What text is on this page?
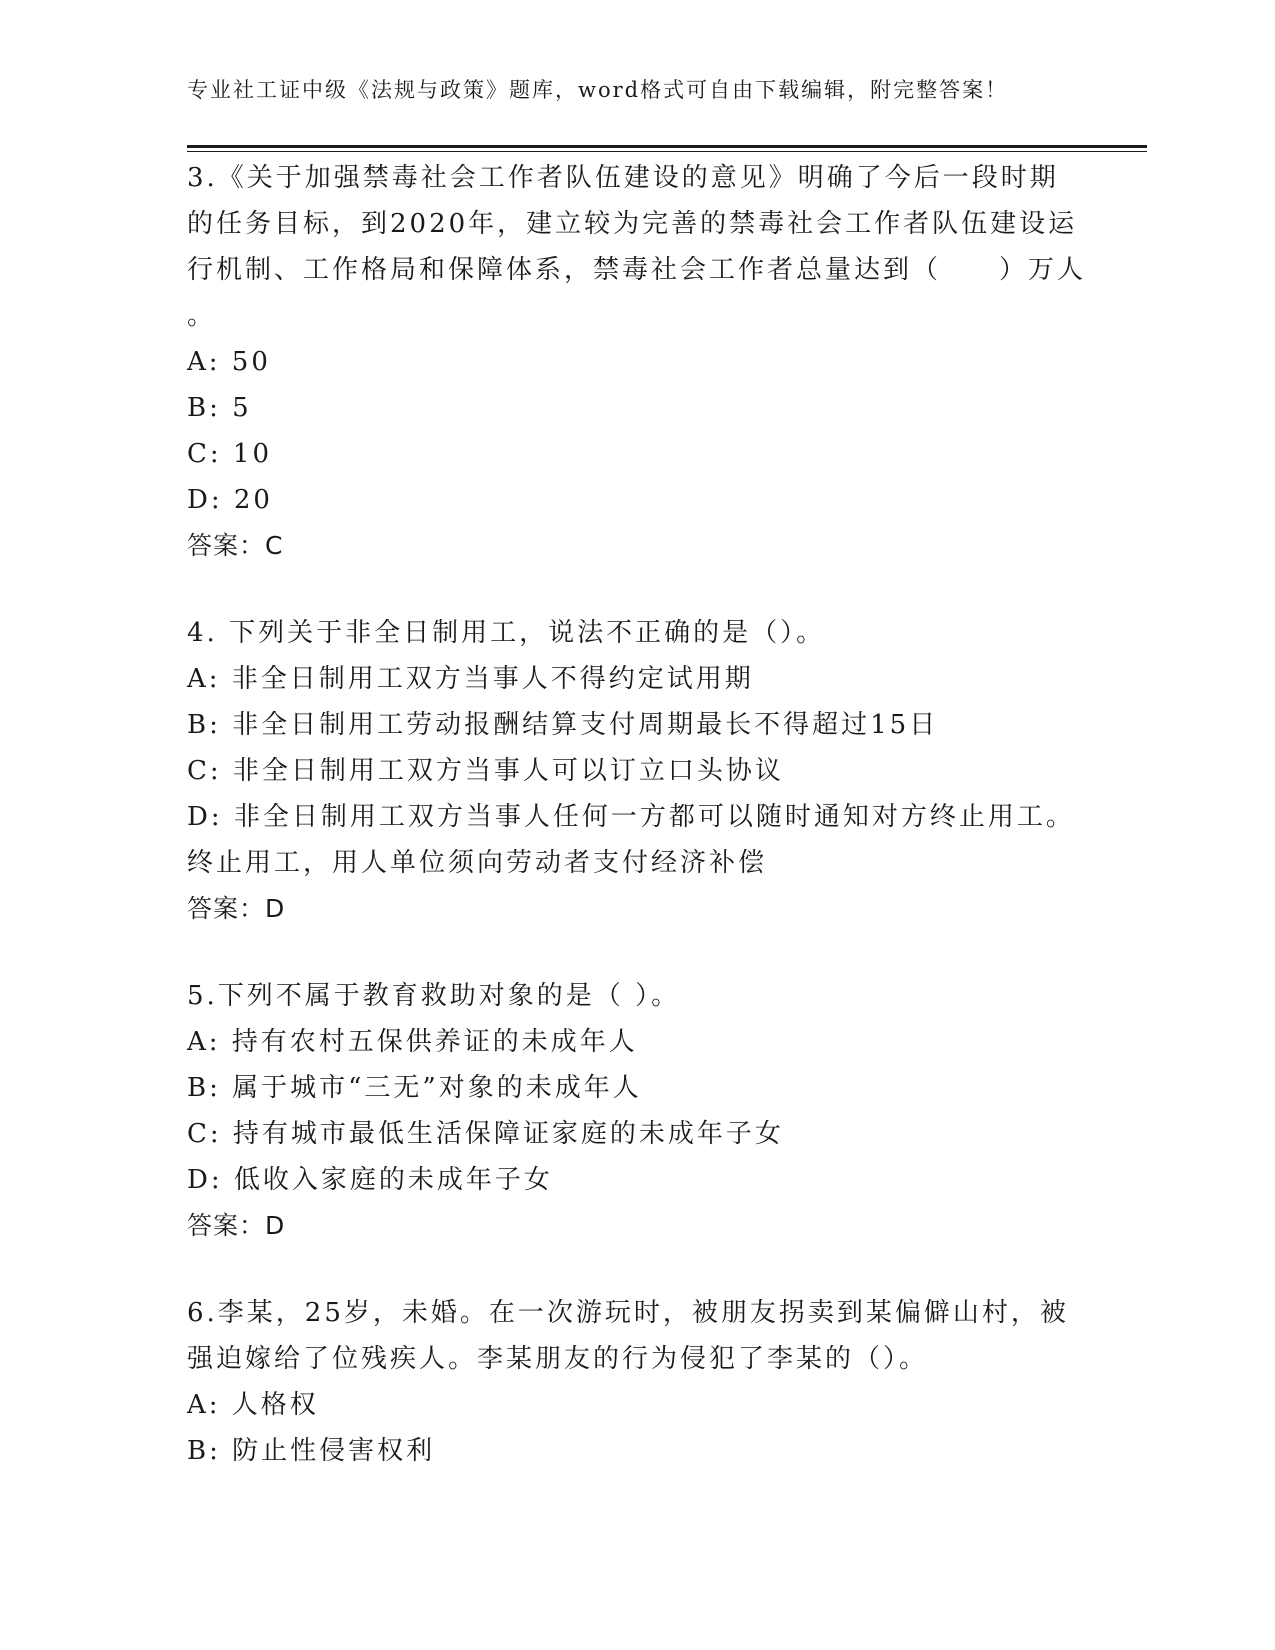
专业社工证中级《法规与政策》题库，word格式可自由下载编辑，附完整答案！
3.《关于加强禁毒社会工作者队伍建设的意见》明确了今后一段时期
的任务目标，到2020年，建立较为完善的禁毒社会工作者队伍建设运
行机制、工作格局和保障体系，禁毒社会工作者总量达到（　　）万人
。
A: 50
B: 5
C: 10
D: 20
答案：C
4. 下列关于非全日制用工，说法不正确的是（）。
A: 非全日制用工双方当事人不得约定试用期
B: 非全日制用工劳动报酬结算支付周期最长不得超过15日
C: 非全日制用工双方当事人可以订立口头协议
D: 非全日制用工双方当事人任何一方都可以随时通知对方终止用工。
终止用工，用人单位须向劳动者支付经济补偿
答案：D
5.下列不属于教育救助对象的是（ ）。
A: 持有农村五保供养证的未成年人
B: 属于城市“三无”对象的未成年人
C: 持有城市最低生活保障证家庭的未成年子女
D: 低收入家庭的未成年子女
答案：D
6.李某，25岁，未婚。在一次游玩时，被朋友拐卖到某偏僻山村，被
强迫嫁给了位残疾人。李某朋友的行为侵犯了李某的（）。
A: 人格权
B: 防止性侵害权利
